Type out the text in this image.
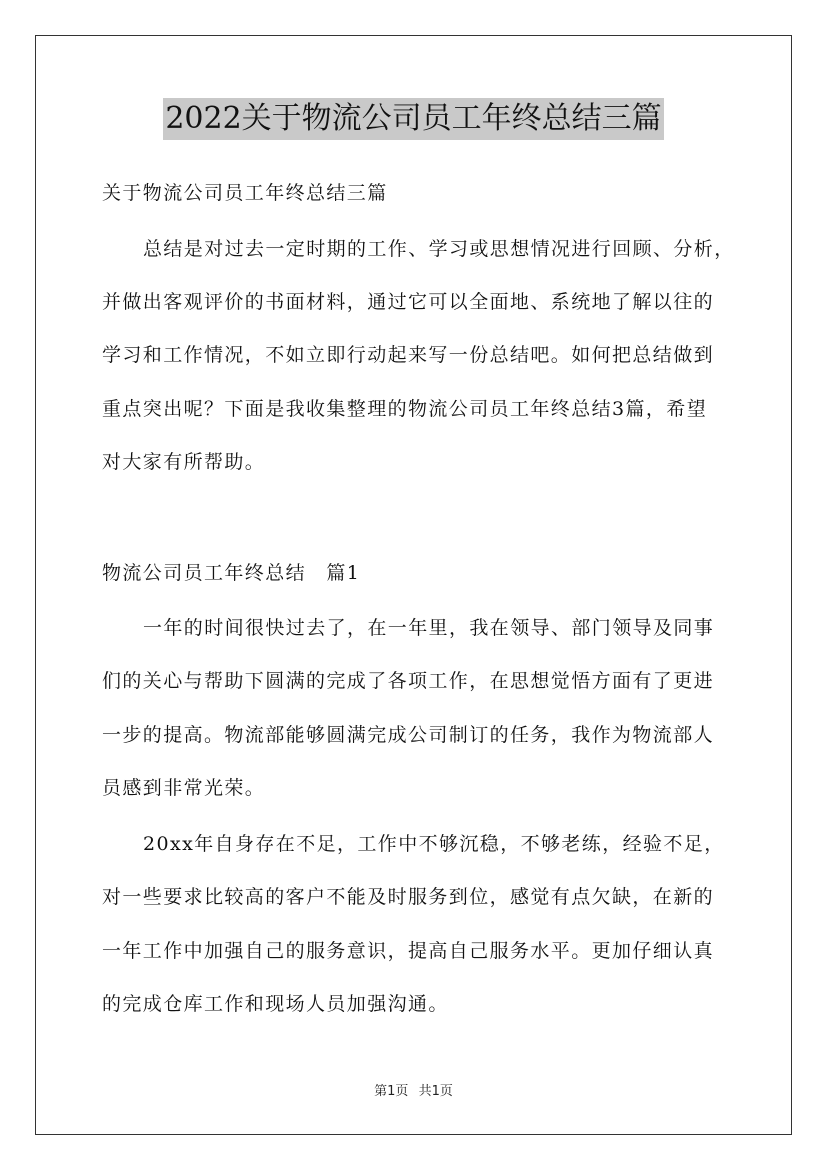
2022关于物流公司员工年终总结三篇
关于物流公司员工年终总结三篇
总结是对过去一定时期的工作、学习或思想情况进行回顾、分析，
并做出客观评价的书面材料，通过它可以全面地、系统地了解以往的
学习和工作情况，不如立即行动起来写一份总结吧。如何把总结做到
重点突出呢？下面是我收集整理的物流公司员工年终总结3篇，希望
对大家有所帮助。
物流公司员工年终总结　篇1
一年的时间很快过去了，在一年里，我在领导、部门领导及同事
们的关心与帮助下圆满的完成了各项工作，在思想觉悟方面有了更进
一步的提高。物流部能够圆满完成公司制订的任务，我作为物流部人
员感到非常光荣。
20xx年自身存在不足，工作中不够沉稳，不够老练，经验不足，
对一些要求比较高的客户不能及时服务到位，感觉有点欠缺，在新的
一年工作中加强自己的服务意识，提高自己服务水平。更加仔细认真
的完成仓库工作和现场人员加强沟通。
第1页 共1页
